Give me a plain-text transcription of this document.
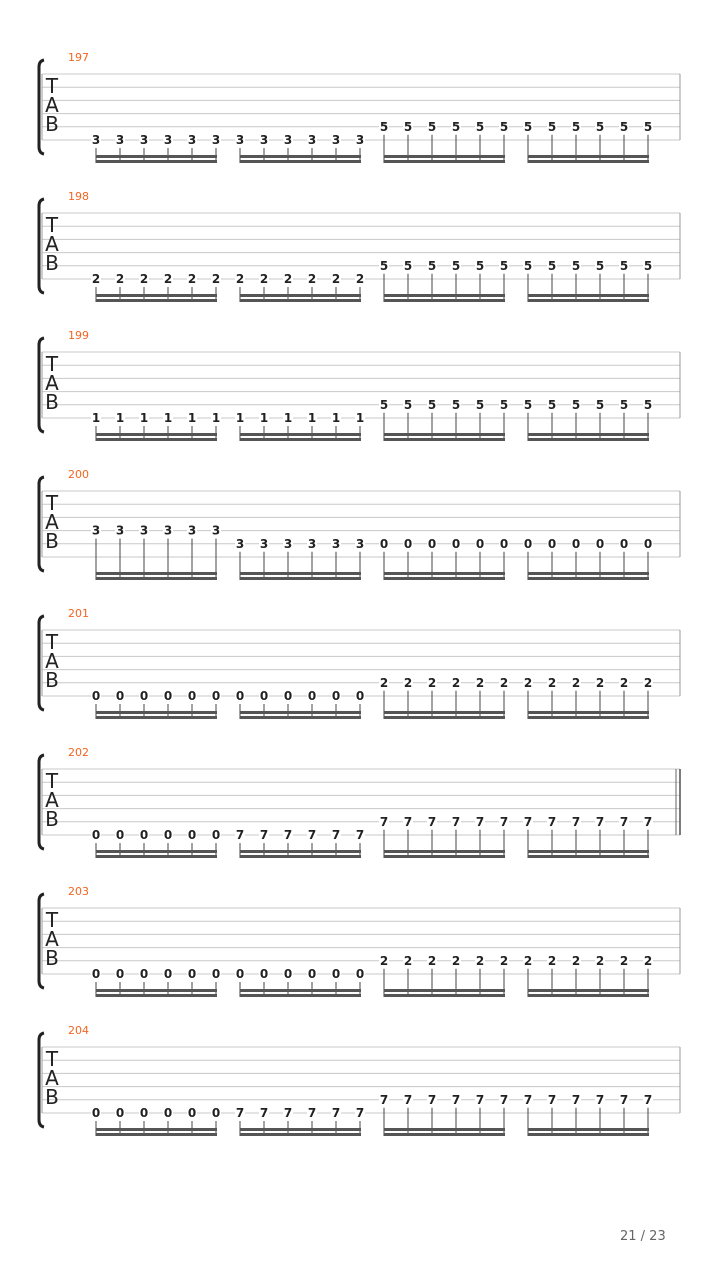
197
T
A
B
3 3 3 3 3 3 3 3 3 3 3 3
5 5 5 5 5 5 5 5 5 5 5 5
198
T
A
B
2 2 2 2 2 2 2 2 2 2 2 2
5 5 5 5 5 5 5 5 5 5 5 5
199
T
A
B
1 1 1 1 1 1 1 1 1 1 1 1
5 5 5 5 5 5 5 5 5 5 5 5
200
T
A
B	3 3 3 3 3 3
3 3 3 3 3 3 0 0 0 0 0 0 0 0 0 0 0 0
201
T
A
B
0 0 0 0 0 0 0 0 0 0 0 0
2 2 2 2 2 2 2 2 2 2 2 2
202
T
A
B
0 0 0 0 0 0 7 7 7 7 7 7
7 7 7 7 7 7 7 7 7 7 7 7
203
T
A
B
0 0 0 0 0 0 0 0 0 0 0 0
2 2 2 2 2 2 2 2 2 2 2 2
204
T
A
B
0 0 0 0 0 0 7 7 7 7 7 7
7 7 7 7 7 7 7 7 7 7 7 7
21 / 23
